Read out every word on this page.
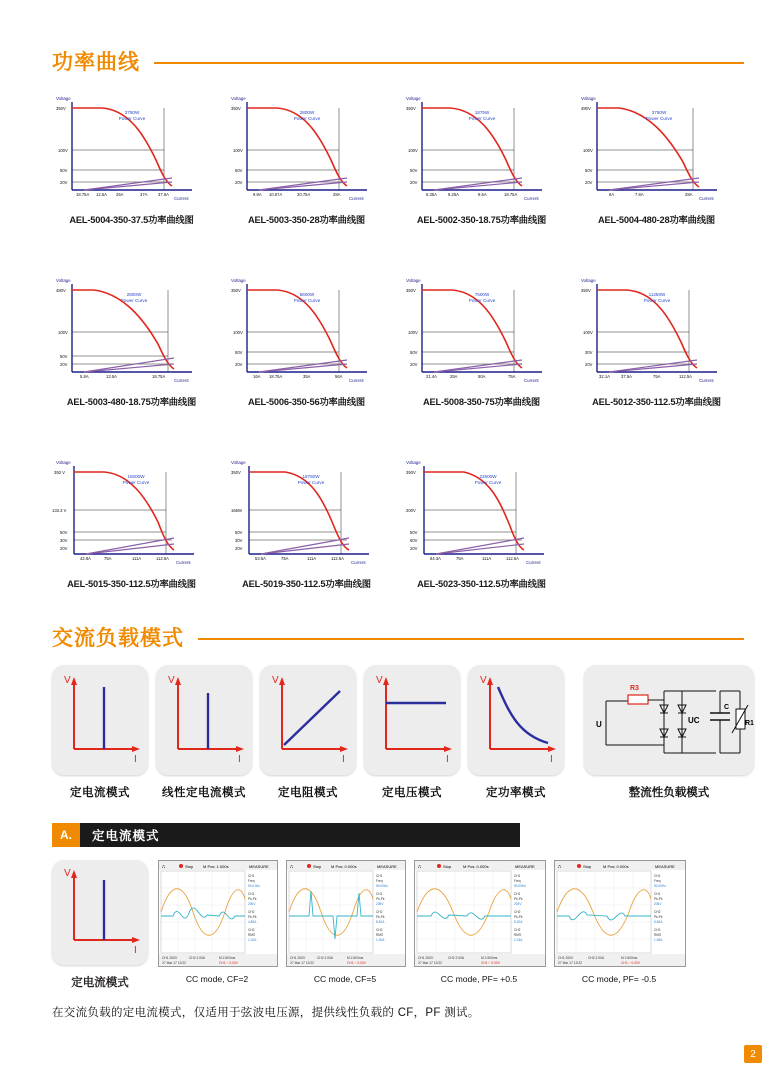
功率曲线
Voltage
Current
350V
100V
50V
20V
3750W
Power Curve
18.75A 12.5A 25A	37A	37.5A
AEL-5004-350-37.5功率曲线图
Voltage
Current
350V
100V
50V
20V
2800W
Power Curve
9.8A 10.57A	20.75A	28A
AEL-5003-350-28功率曲线图
Voltage
Current
350V
100V
50V
20V
1875W
Power Curve
5.35A	6.25A	9.5A	18.75A
AEL-5002-350-18.75功率曲线图
Voltage
Current
480V
100V
50V
20V
3750W
Power Curve
8A	7.8A	28A
AEL-5004-480-28功率曲线图
Voltage
Current
480V
100V
50V
20V
2800W
Power Curve
5.8A	13.5A	18.75A
AEL-5003-480-18.75功率曲线图
Voltage
Current
350V
100V
50V
20V
5600W
Power Curve
16A 18.75A	35A	56A
AEL-5006-350-56功率曲线图
Voltage
Current
350V
100V
50V
20V
7500W
Power Curve
21.4A	25A	50A	75A
AEL-5008-350-75功率曲线图
Voltage
Current
350V
100V
30V
20V
11250W
Power Curve
32.1A	37.5A	75A	112.5A
AEL-5012-350-112.5功率曲线图
Voltage
Current
350 V
133.3 V
50V
30V
20V
15000W
Power Curve
42.8A	75A	111A	112.5A
AEL-5015-350-112.5功率曲线图
Voltage
Current
350V
166W
50V
30V
20V
18750W
Power Curve
53.5A	75A	111A	112.5A
AEL-5019-350-112.5功率曲线图
Voltage
Current
350V
200V
50V
60V
20V
22500W
Power Curve
64.3A	75A	111A	112.5A
AEL-5023-350-112.5功率曲线图
交流负载模式
V
I
定电流模式
V
I
线性定电流模式
V
I
定电阻模式
V
I
定电压模式
V
I
定功率模式
U
R3
UC
C
R1
整流性负载模式
A.	定电流模式
V
I
定电流模式
⎍	Stop M Pos: 1.000s	MEASURE
CH1
Freq
50.01Hz
CH1
Pk-Pk
206V
CH2
Pk-Pk
4.80A
CH2
RMS
1.02A
CH1 200V	CH2 2.00A	M 2.500ms
27 Mar 17 13:22	CH1 ⌐ 0.00V
CC mode, CF=2
⎍	Stop M Pos: 0.000s	MEASURE
CH1
Freq
50.00Hz
CH1
Pk-Pk
208V
CH2
Pk-Pk
8.40A
CH2
RMS
1.00A
CH1 200V	CH2 2.00A	M 2.500ms
27 Mar 17 13:22	CH1 ⌐ 0.00V
CC mode, CF=5
⎍	Stop	M Pos: 0.000s	MEASURE
CH1
Freq
50.00Hz
CH1
Pk-Pk
204V
CH2
Pk-Pk
5.20A
CH2
RMS
1.03A
CH1 200V	CH2 2.00A	M 2.500ms
27 Mar 17 13:22	CH1 ⌐ 0.00V
CC mode, PF= +0.5
⎍	Stop	M Pos: 0.000s	MEASURE
CH1
Freq
50.00Hz
CH1
Pk-Pk
206V
CH2
Pk-Pk
5.60A
CH2
RMS
1.05A
CH1 200V	CH2 2.00A	M 2.500ms
27 Mar 17 13:22	CH1 ⌐ 0.00V
CC mode, PF= -0.5
在交流负载的定电流模式，仅适用于弦波电压源，提供线性负载的 CF，PF 测试。
2
